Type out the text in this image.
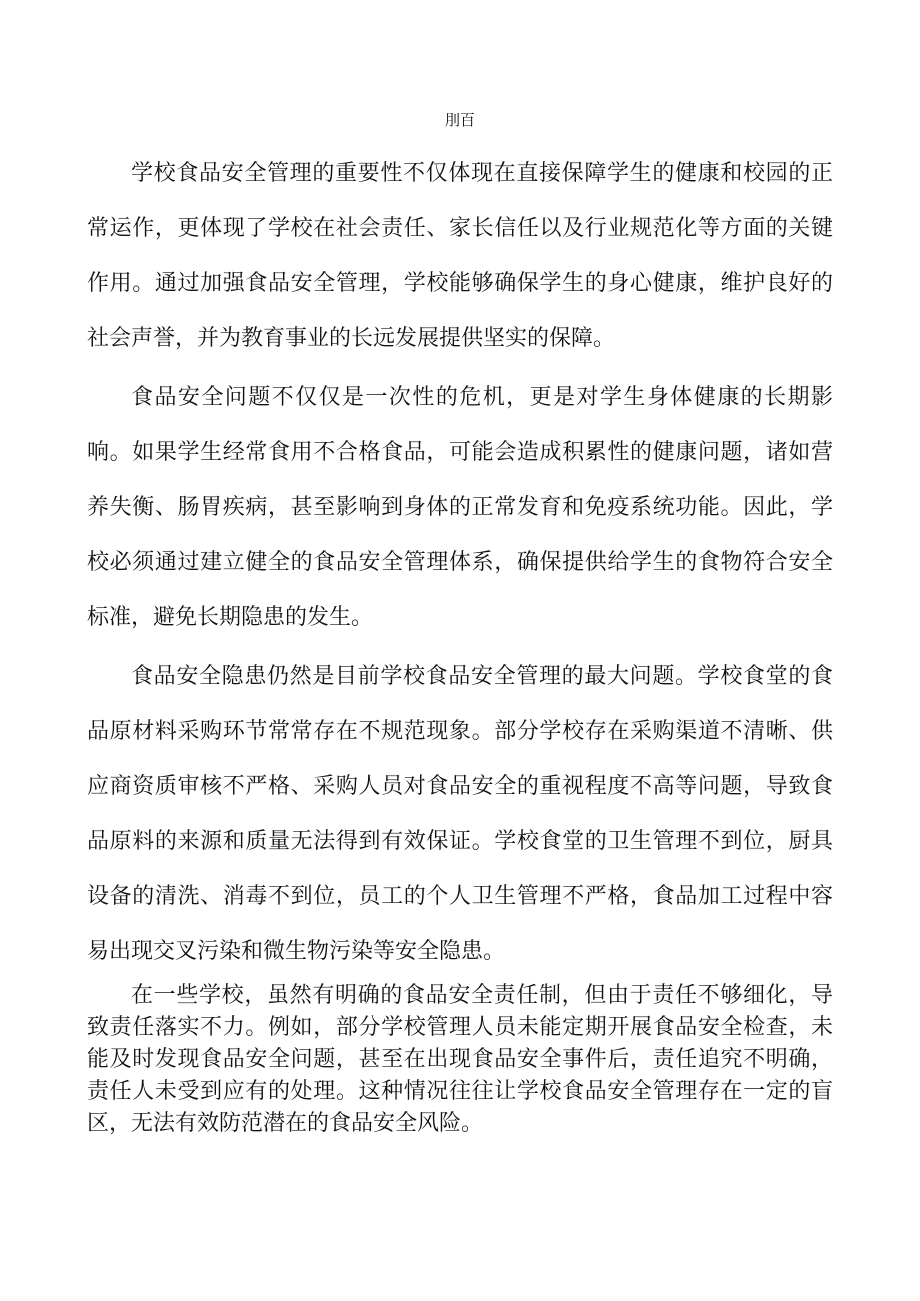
刖百

学校食品安全管理的重要性不仅体现在直接保障学生的健康和校园的正常运作，更体现了学校在社会责任、家长信任以及行业规范化等方面的关键作用。通过加强食品安全管理，学校能够确保学生的身心健康，维护良好的社会声誉，并为教育事业的长远发展提供坚实的保障。

食品安全问题不仅仅是一次性的危机，更是对学生身体健康的长期影响。如果学生经常食用不合格食品，可能会造成积累性的健康问题，诸如营养失衡、肠胃疾病，甚至影响到身体的正常发育和免疫系统功能。因此，学校必须通过建立健全的食品安全管理体系，确保提供给学生的食物符合安全标准，避免长期隐患的发生。

食品安全隐患仍然是目前学校食品安全管理的最大问题。学校食堂的食品原材料采购环节常常存在不规范现象。部分学校存在采购渠道不清晰、供应商资质审核不严格、采购人员对食品安全的重视程度不高等问题，导致食品原料的来源和质量无法得到有效保证。学校食堂的卫生管理不到位，厨具设备的清洗、消毒不到位，员工的个人卫生管理不严格，食品加工过程中容易出现交叉污染和微生物污染等安全隐患。

在一些学校，虽然有明确的食品安全责任制，但由于责任不够细化，导致责任落实不力。例如，部分学校管理人员未能定期开展食品安全检查，未能及时发现食品安全问题，甚至在出现食品安全事件后，责任追究不明确，责任人未受到应有的处理。这种情况往往让学校食品安全管理存在一定的盲区，无法有效防范潜在的食品安全风险。
